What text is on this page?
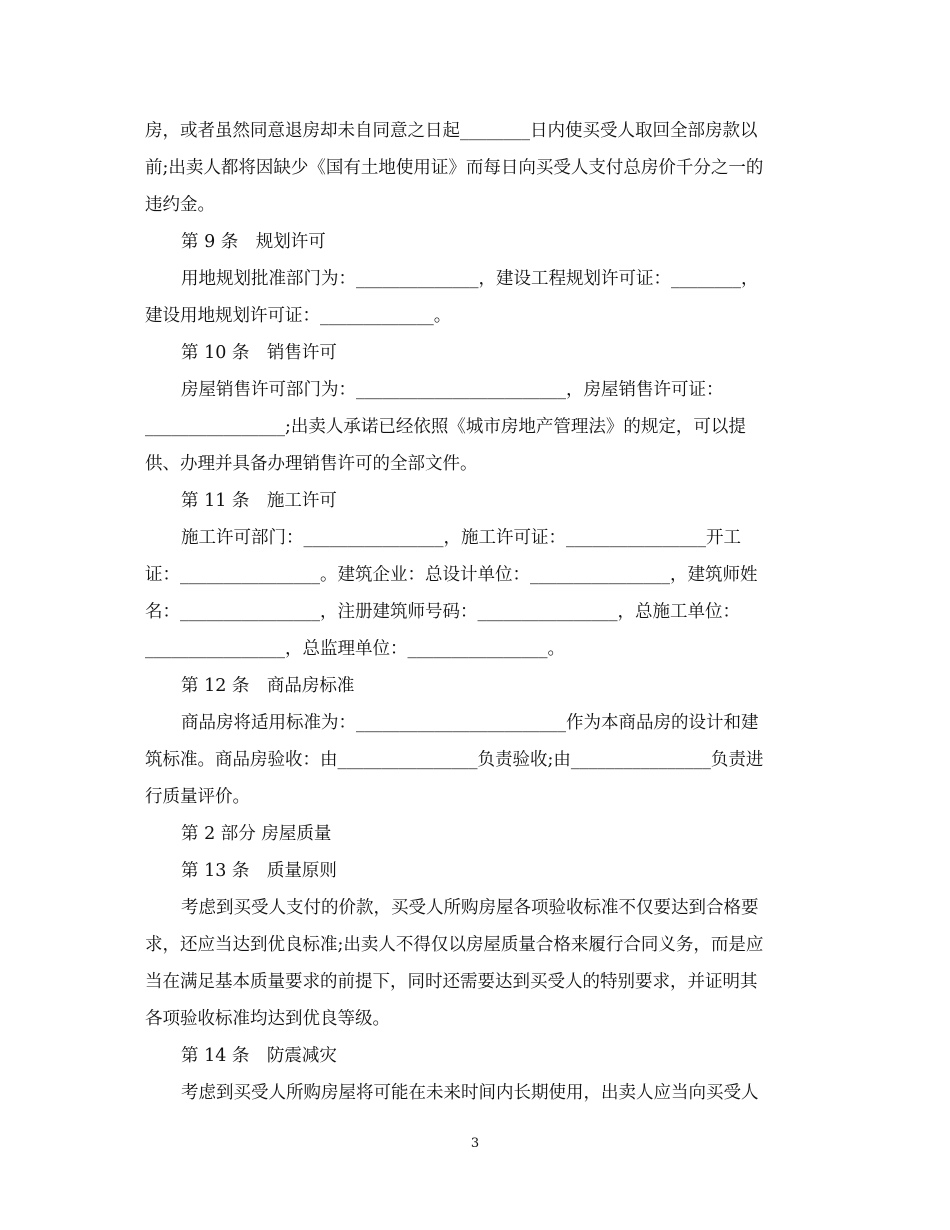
房，或者虽然同意退房却未自同意之日起________日内使买受人取回全部房款以
前;出卖人都将因缺少《国有土地使用证》而每日向买受人支付总房价千分之一的
违约金。
第 9 条　规划许可
用地规划批准部门为：______________，建设工程规划许可证：________，
建设用地规划许可证：_____________。
第 10 条　销售许可
房屋销售许可部门为：________________________，房屋销售许可证：
________________;出卖人承诺已经依照《城市房地产管理法》的规定，可以提
供、办理并具备办理销售许可的全部文件。
第 11 条　施工许可
施工许可部门：________________，施工许可证：________________开工
证：________________。建筑企业：总设计单位：________________，建筑师姓
名：________________，注册建筑师号码：________________，总施工单位：
________________，总监理单位：________________。
第 12 条　商品房标准
商品房将适用标准为：________________________作为本商品房的设计和建
筑标准。商品房验收：由________________负责验收;由________________负责进
行质量评价。
第 2 部分 房屋质量
第 13 条　质量原则
考虑到买受人支付的价款，买受人所购房屋各项验收标准不仅要达到合格要
求，还应当达到优良标准;出卖人不得仅以房屋质量合格来履行合同义务，而是应
当在满足基本质量要求的前提下，同时还需要达到买受人的特别要求，并证明其
各项验收标准均达到优良等级。
第 14 条　防震减灾
考虑到买受人所购房屋将可能在未来时间内长期使用，出卖人应当向买受人
3
